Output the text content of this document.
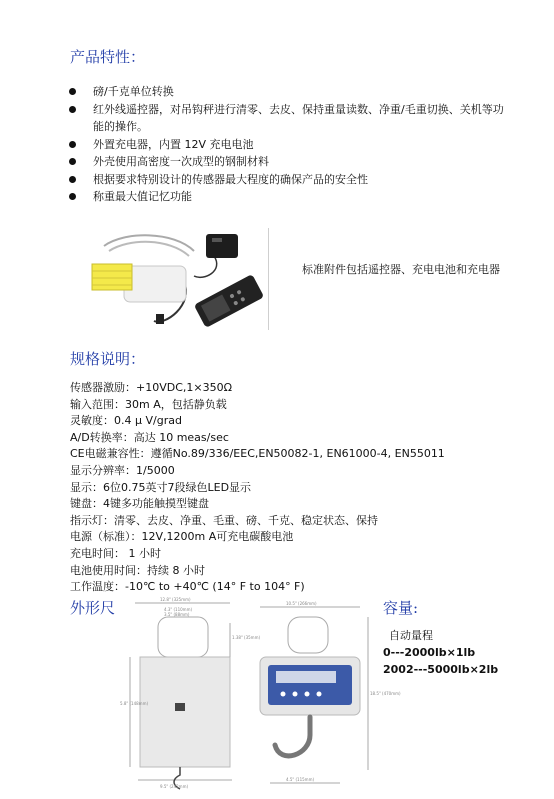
产品特性：
磅/千克单位转换
红外线遥控器，对吊钩秤进行清零、去皮、保持重量读数、净重/毛重切换、关机等功能的操作。
外置充电器，内置 12V 充电电池
外壳使用高密度一次成型的钢制材料
根据要求特别设计的传感器最大程度的确保产品的安全性
称重最大值记忆功能
标准附件包括遥控器、充电电池和充电器
规格说明：
传感器激励：+10VDC,1×350Ω
输入范围：30m A，包括静负载
灵敏度：0.4 μ V/grad
A/D转换率：高达 10 meas/sec
CE电磁兼容性：遵循No.89/336/EEC,EN50082-1, EN61000-4, EN55011
显示分辨率：1/5000
显示：6位0.75英寸7段绿色LED显示
键盘：4键多功能触摸型键盘
指示灯：清零、去皮、净重、毛重、磅、千克、稳定状态、保持
电源（标准）：12V,1200m A可充电碳酸电池
充电时间： 1 小时
电池使用时间：持续 8 小时
工作温度：-10℃ to +40℃ (14° F to 104° F)
外形尺	容量:
自动量程
0---2000lb×1lb
2002---5000lb×2lb
12.8" (325mm)
4.3" (110mm)
3.5" (88mm)
1.38" (35mm)
5.8" (148mm)
9.5" (242mm)
10.5" (266mm)
18.5" (470mm)
4.5" (115mm)
